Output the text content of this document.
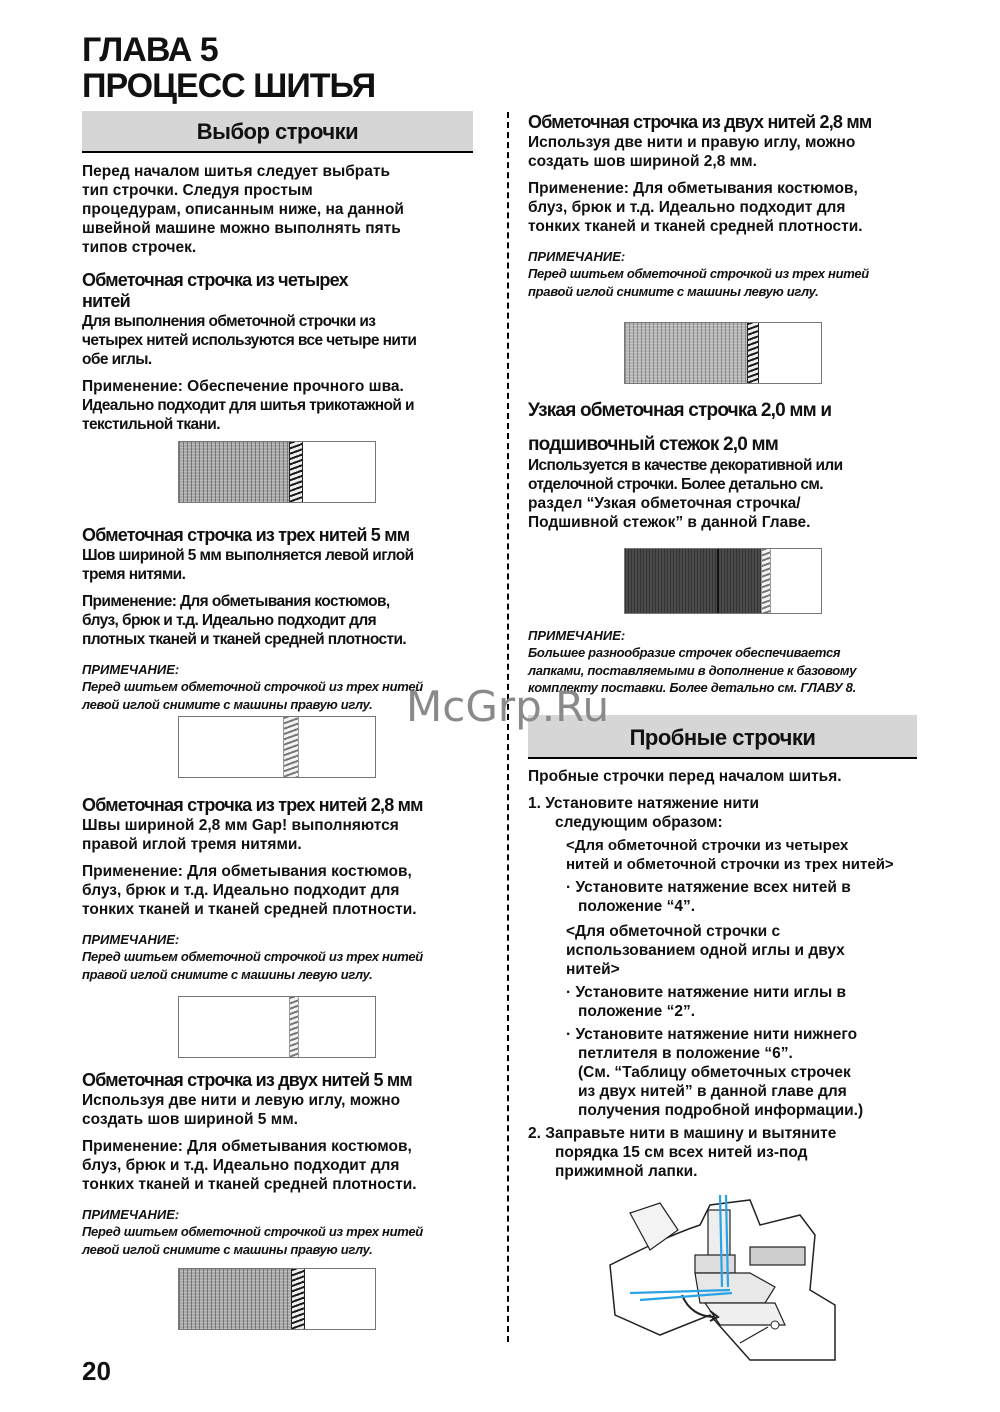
ГЛАВА 5
ПРОЦЕСС ШИТЬЯ
Выбор строчки

Перед началом шитья следует выбрать

тип строчки. Следуя простым

процедурам, описанным ниже, на данной

швейной машине можно выполнять пять

типов строчек.

Обметочная строчка из четырех

нитей

Для выполнения обметочной строчки из

четырех нитей используются все четыре нити

обе иглы.

Применение: Обеспечение прочного шва.

Идеально подходит для шитья трикотажной и

текстильной ткани.

Обметочная строчка из трех нитей 5 мм

Шов шириной 5 мм выполняется левой иглой

тремя нитями.

Применение: Для обметывания костюмов,

блуз, брюк и т.д. Идеально подходит для

плотных тканей и тканей средней плотности.

ПРИМЕЧАНИЕ:

Перед шитьем обметочной строчкой из трех нитей

левой иглой снимите с машины правую иглу.

Обметочная строчка из трех нитей 2,8 мм

Швы шириной 2,8 мм Gap! выполняются

правой иглой тремя нитями.

Применение: Для обметывания костюмов,

блуз, брюк и т.д. Идеально подходит для

тонких тканей и тканей средней плотности.

ПРИМЕЧАНИЕ:

Перед шитьем обметочной строчкой из трех нитей

правой иглой снимите с машины левую иглу.

Обметочная строчка из двух нитей 5 мм

Используя две нити и левую иглу, можно

создать шов шириной 5 мм.

Применение: Для обметывания костюмов,

блуз, брюк и т.д. Идеально подходит для

тонких тканей и тканей средней плотности.

ПРИМЕЧАНИЕ:

Перед шитьем обметочной строчкой из трех нитей

левой иглой снимите с машины правую иглу.

Обметочная строчка из двух нитей 2,8 мм

Используя две нити и правую иглу, можно

создать шов шириной 2,8 мм.

Применение: Для обметывания костюмов,

блуз, брюк и т.д. Идеально подходит для

тонких тканей и тканей средней плотности.

ПРИМЕЧАНИЕ:

Перед шитьем обметочной строчкой из трех нитей

правой иглой снимите с машины левую иглу.

Узкая обметочная строчка 2,0 мм и

подшивочный стежок 2,0 мм

Используется в качестве декоративной или

отделочной строчки. Более детально см.

раздел “Узкая обметочная строчка/

Подшивной стежок” в данной Главе.

ПРИМЕЧАНИЕ:

Большее разнообразие строчек обеспечивается

лапками, поставляемыми в дополнение к базовому

комплекту поставки. Более детально см. ГЛАВУ 8.

Пробные строчки

Пробные строчки перед началом шитья.

1. Установите натяжение нити

следующим образом:

<Для обметочной строчки из четырех

нитей и обметочной строчки из трех нитей>

· Установите натяжение всех нитей в

положение “4”.

<Для обметочной строчки с

использованием одной иглы и двух

нитей>

· Установите натяжение нити иглы в

положение “2”.

· Установите натяжение нити нижнего

петлителя в положение “6”.

(См. “Таблицу обметочных строчек

из двух нитей” в данной главе для

получения подробной информации.)

2. Заправьте нити в машину и вытяните

порядка 15 см всех нитей из-под

прижимной лапки.

McGrp.Ru
20
